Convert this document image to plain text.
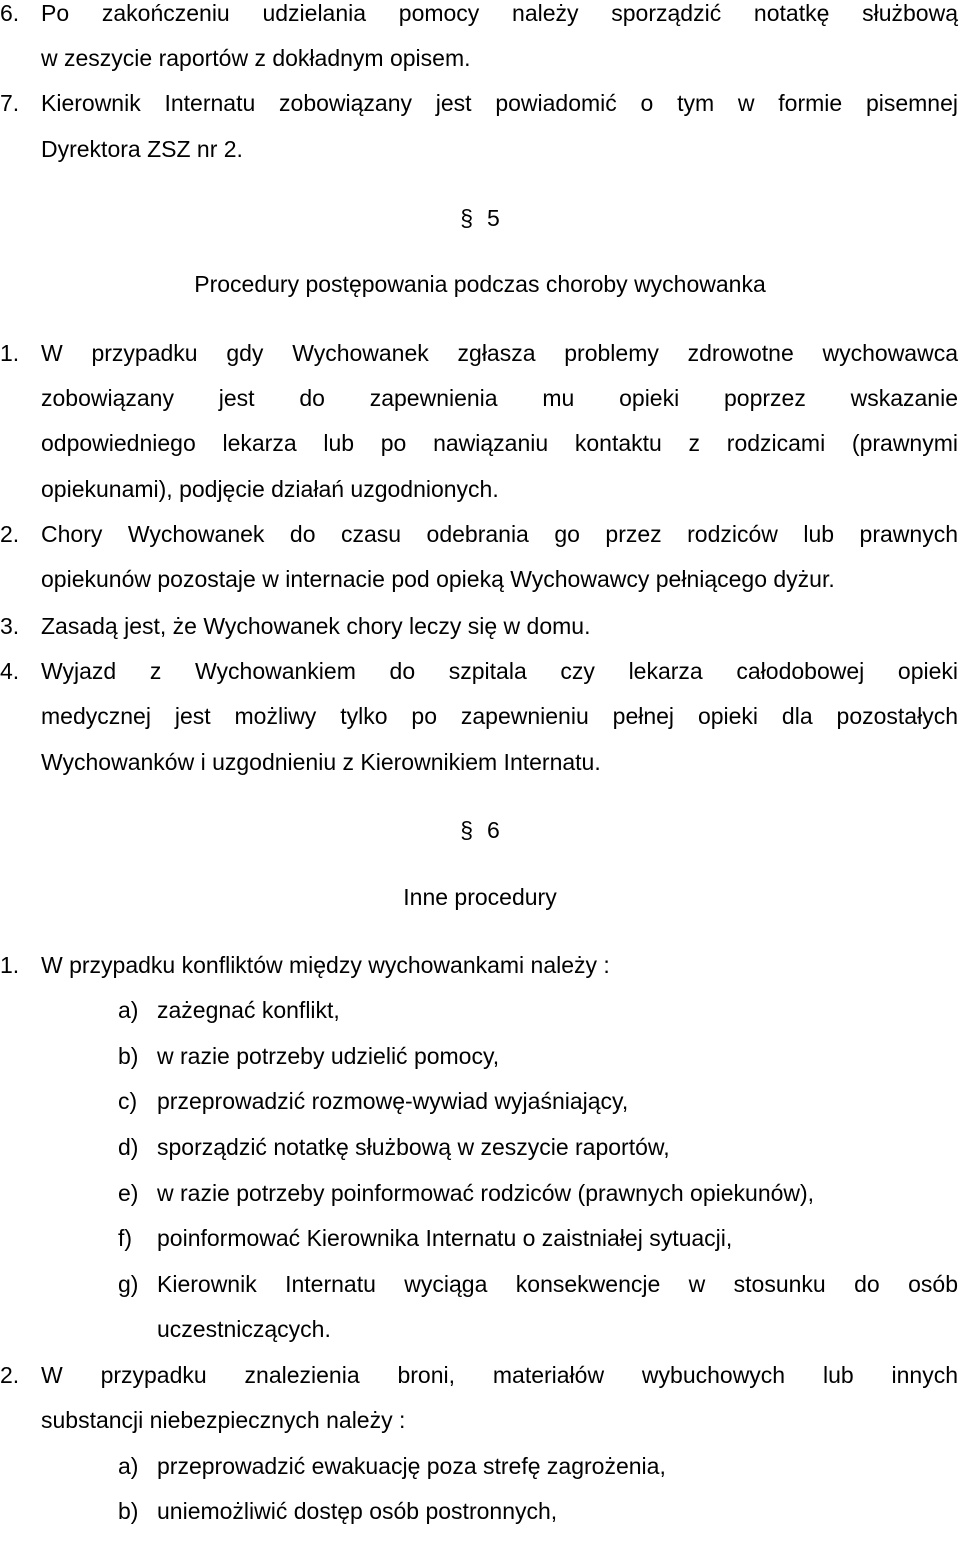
6. Po zakończeniu udzielania pomocy należy sporządzić notatkę służbową
w zeszycie raportów z dokładnym opisem.
7. Kierownik Internatu zobowiązany jest powiadomić o tym w formie pisemnej
Dyrektora ZSZ nr 2.
§ 5
Procedury postępowania podczas choroby wychowanka
1. W przypadku gdy Wychowanek zgłasza problemy zdrowotne wychowawca
zobowiązany jest do zapewnienia mu opieki poprzez wskazanie
odpowiedniego lekarza lub po nawiązaniu kontaktu z rodzicami (prawnymi
opiekunami), podjęcie działań uzgodnionych.
2. Chory Wychowanek do czasu odebrania go przez rodziców lub prawnych
opiekunów pozostaje w internacie pod opieką Wychowawcy pełniącego dyżur.
3. Zasadą jest, że Wychowanek chory leczy się w domu.
4. Wyjazd z Wychowankiem do szpitala czy lekarza całodobowej opieki
medycznej jest możliwy tylko po zapewnieniu pełnej opieki dla pozostałych
Wychowanków i uzgodnieniu z Kierownikiem Internatu.
§ 6
Inne procedury
1. W przypadku konfliktów między wychowankami należy :
a) zażegnać konflikt,
b) w razie potrzeby udzielić pomocy,
c) przeprowadzić rozmowę-wywiad wyjaśniający,
d) sporządzić notatkę służbową w zeszycie raportów,
e) w razie potrzeby poinformować rodziców (prawnych opiekunów),
f) poinformować Kierownika Internatu o zaistniałej sytuacji,
g) Kierownik Internatu wyciąga konsekwencje w stosunku do osób
uczestniczących.
2. W przypadku znalezienia broni, materiałów wybuchowych lub innych
substancji niebezpiecznych należy :
a) przeprowadzić ewakuację poza strefę zagrożenia,
b) uniemożliwić dostęp osób postronnych,
